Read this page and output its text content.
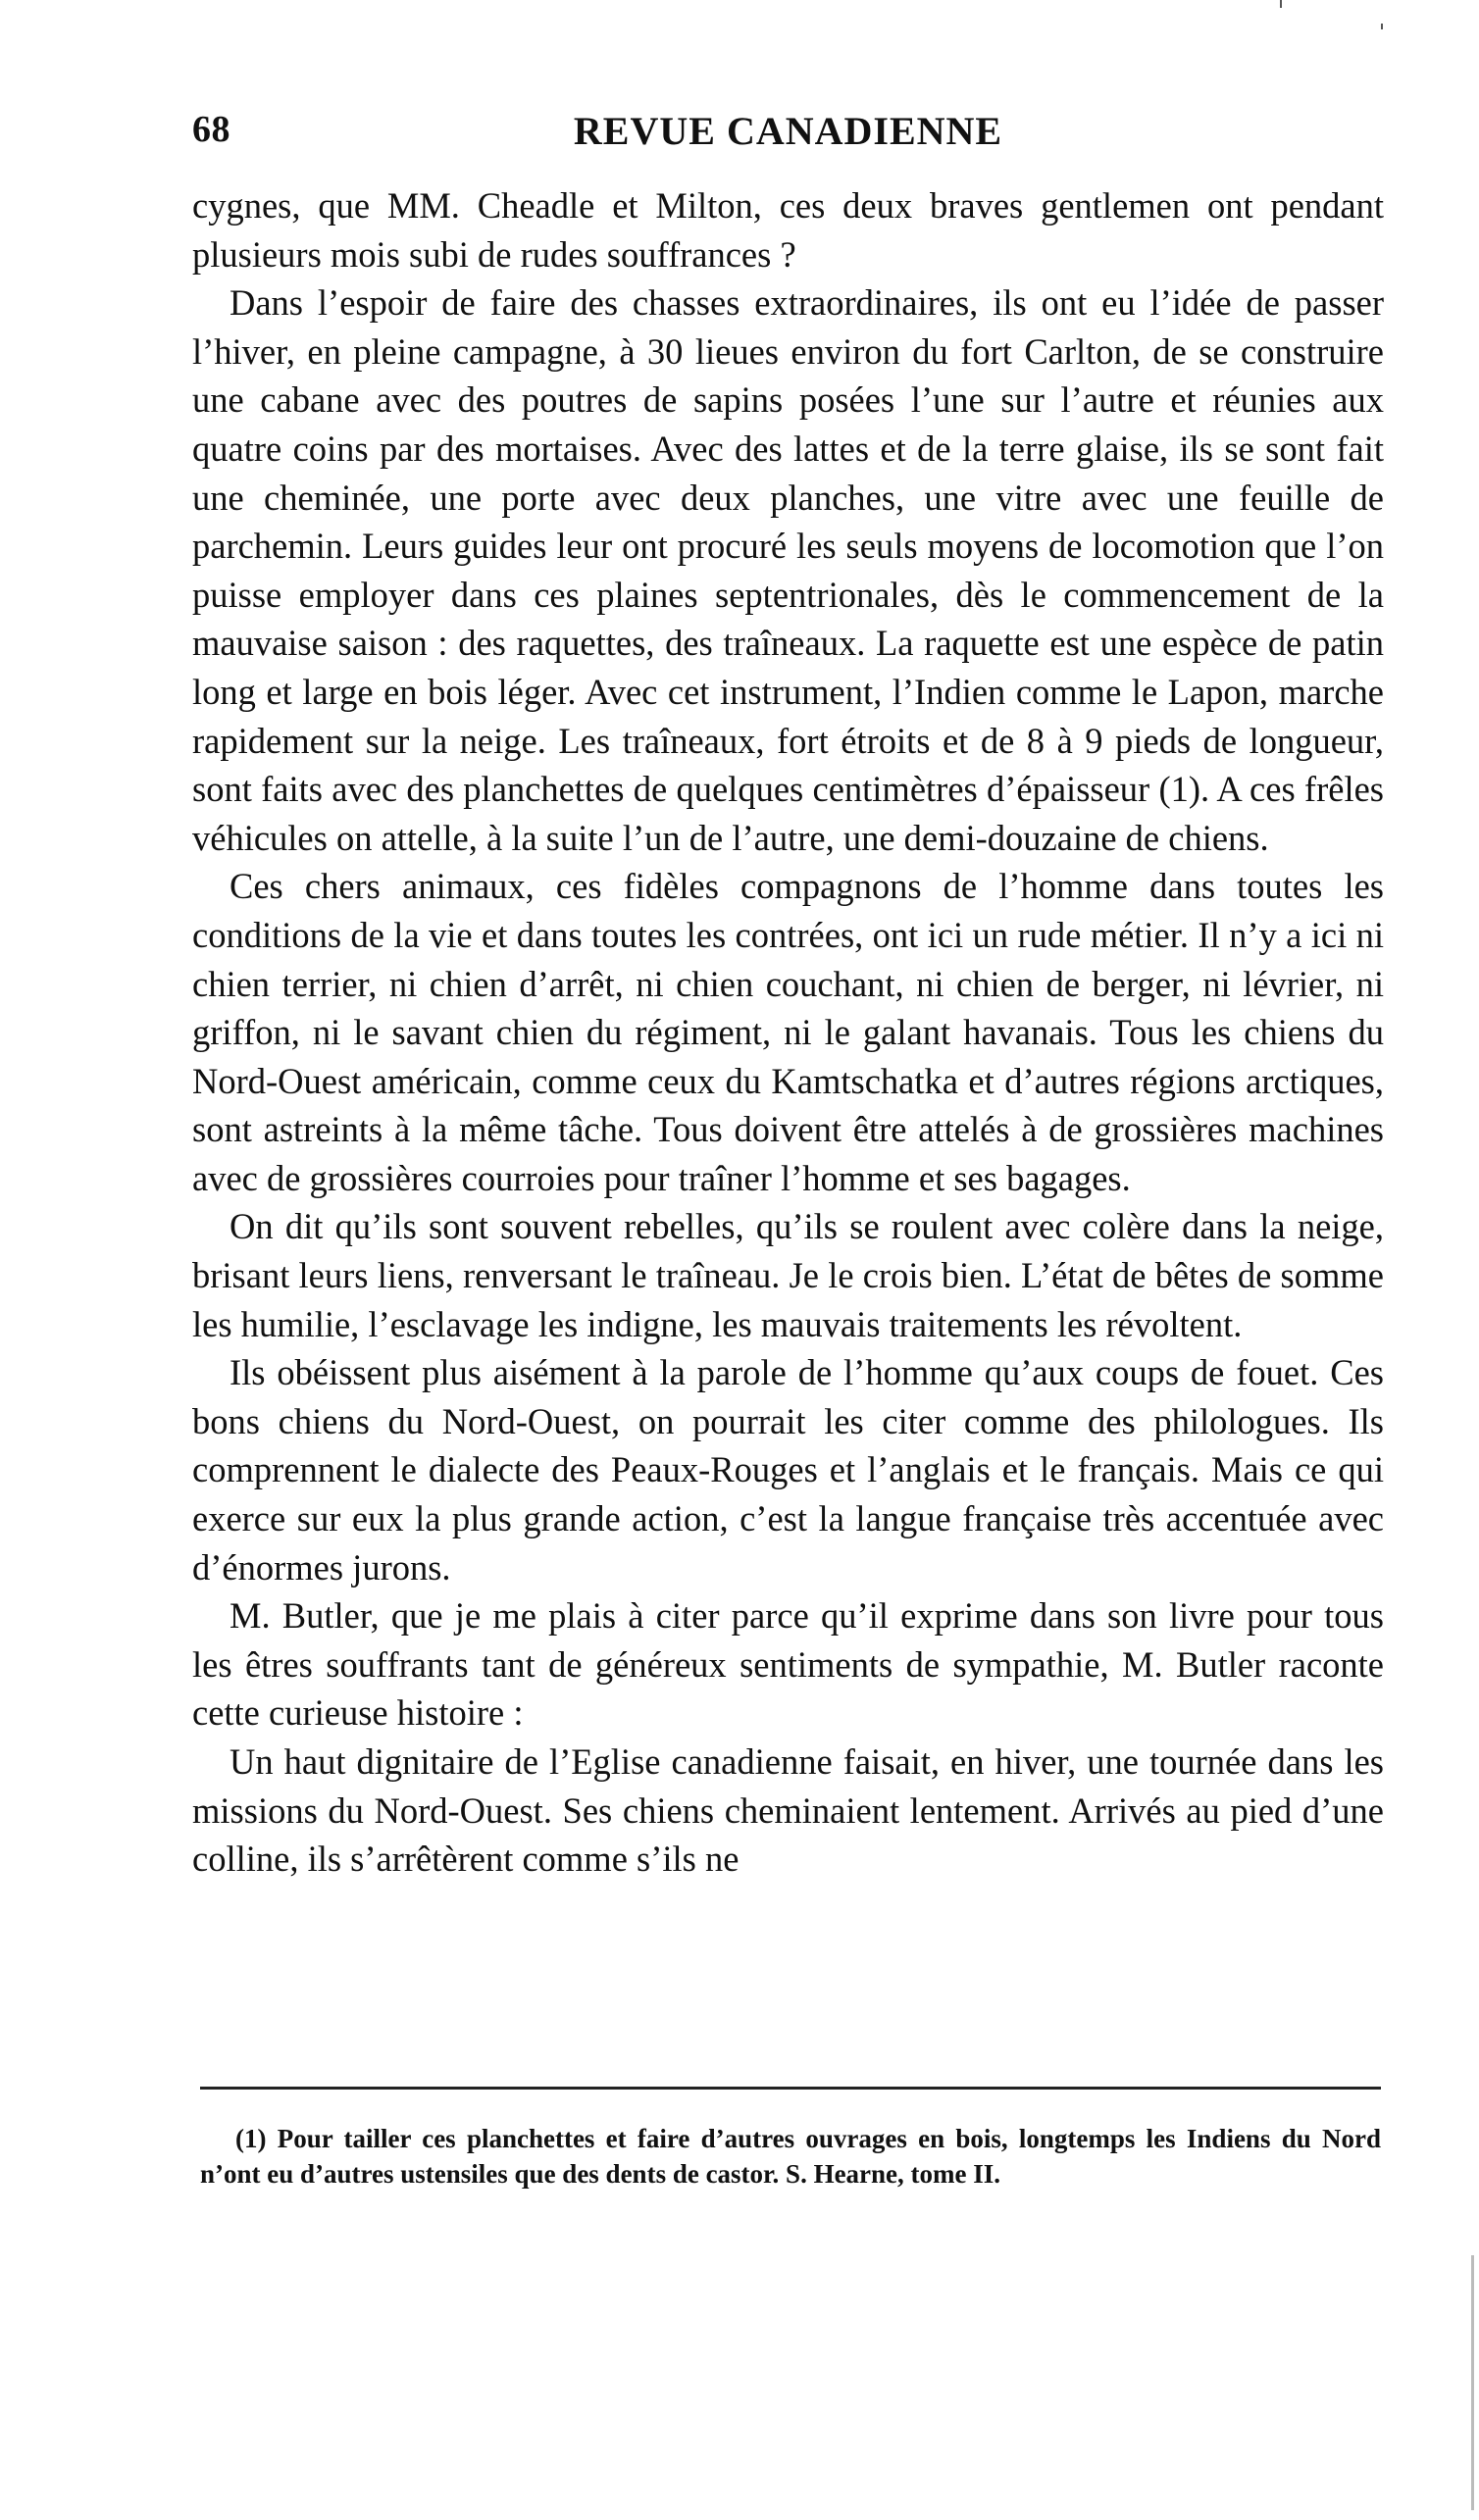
68	REVUE CANADIENNE

cygnes, que MM. Cheadle et Milton, ces deux braves gentlemen ont pendant plusieurs mois subi de rudes souffrances ?

Dans l’espoir de faire des chasses extraordinaires, ils ont eu l’idée de passer l’hiver, en pleine campagne, à 30 lieues environ du fort Carlton, de se construire une cabane avec des poutres de sapins posées l’une sur l’autre et réunies aux quatre coins par des mortaises. Avec des lattes et de la terre glaise, ils se sont fait une cheminée, une porte avec deux planches, une vitre avec une feuille de parchemin. Leurs guides leur ont procuré les seuls moyens de locomotion que l’on puisse employer dans ces plaines septentrionales, dès le commencement de la mauvaise saison : des raquettes, des traîneaux. La raquette est une espèce de patin long et large en bois léger. Avec cet instrument, l’Indien comme le Lapon, marche rapidement sur la neige. Les traîneaux, fort étroits et de 8 à 9 pieds de longueur, sont faits avec des planchettes de quelques centimètres d’épaisseur (1). A ces frêles véhicules on attelle, à la suite l’un de l’autre, une demi-douzaine de chiens.

Ces chers animaux, ces fidèles compagnons de l’homme dans toutes les conditions de la vie et dans toutes les contrées, ont ici un rude métier. Il n’y a ici ni chien terrier, ni chien d’arrêt, ni chien couchant, ni chien de berger, ni lévrier, ni griffon, ni le savant chien du régiment, ni le galant havanais. Tous les chiens du Nord-Ouest américain, comme ceux du Kamtschatka et d’autres régions arctiques, sont astreints à la même tâche. Tous doivent être attelés à de grossières machines avec de grossières courroies pour traîner l’homme et ses bagages.

On dit qu’ils sont souvent rebelles, qu’ils se roulent avec colère dans la neige, brisant leurs liens, renversant le traîneau. Je le crois bien. L’état de bêtes de somme les humilie, l’esclavage les indigne, les mauvais traitements les révoltent.

Ils obéissent plus aisément à la parole de l’homme qu’aux coups de fouet. Ces bons chiens du Nord-Ouest, on pourrait les citer comme des philologues. Ils comprennent le dialecte des Peaux-Rouges et l’anglais et le français. Mais ce qui exerce sur eux la plus grande action, c’est la langue française très accentuée avec d’énormes jurons.

M. Butler, que je me plais à citer parce qu’il exprime dans son livre pour tous les êtres souffrants tant de généreux sentiments de sympathie, M. Butler raconte cette curieuse histoire :

Un haut dignitaire de l’Eglise canadienne faisait, en hiver, une tournée dans les missions du Nord-Ouest. Ses chiens cheminaient lentement. Arrivés au pied d’une colline, ils s’arrêtèrent comme s’ils ne

(1) Pour tailler ces planchettes et faire d’autres ouvrages en bois, longtemps les Indiens du Nord n’ont eu d’autres ustensiles que des dents de castor. S. Hearne, tome II.
